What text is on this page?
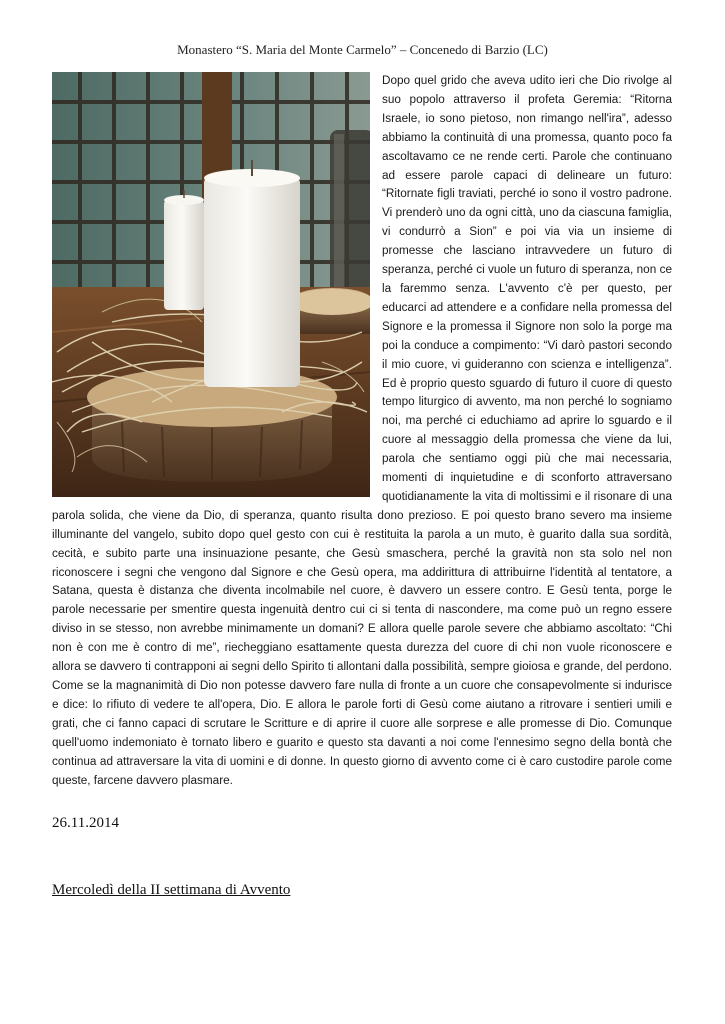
Monastero “S. Maria del Monte Carmelo” – Concenedo di Barzio (LC)

Dopo quel grido che aveva udito ieri che Dio rivolge al suo popolo attraverso il profeta Geremia: “Ritorna Israele, io sono pietoso, non rimango nell'ira”, adesso abbiamo la continuità di una promessa, quanto poco fa ascoltavamo ce ne rende certi. Parole che continuano ad essere parole capaci di delineare un futuro: “Ritornate figli traviati, perché io sono il vostro padrone. Vi prenderò uno da ogni città, uno da ciascuna famiglia, vi condurrò a Sion” e poi via via un insieme di promesse che lasciano intravvedere un futuro di speranza, perché ci vuole un futuro di speranza, non ce la faremmo senza. L'avvento c'è per questo, per educarci ad attendere e a confidare nella promessa del Signore e la promessa il Signore non solo la porge ma poi la conduce a compimento: “Vi darò pastori secondo il mio cuore, vi guideranno con scienza e intelligenza”. Ed è proprio questo sguardo di futuro il cuore di questo tempo liturgico di avvento, ma non perché lo sogniamo noi, ma perché ci educhiamo ad aprire lo sguardo e il cuore al messaggio della promessa che viene da lui, parola che sentiamo oggi più che mai necessaria, momenti di inquietudine e di sconforto attraversano quotidianamente la vita di moltissimi e il risonare di una parola solida, che viene da Dio, di speranza, quanto risulta dono prezioso. E poi questo brano severo ma insieme illuminante del vangelo, subito dopo quel gesto con cui è restituita la parola a un muto, è guarito dalla sua sordità, cecità, e subito parte una insinuazione pesante, che Gesù smaschera, perché la gravità non sta solo nel non riconoscere i segni che vengono dal Signore e che Gesù opera, ma addirittura di attribuirne l'identità al tentatore, a Satana, questa è distanza che diventa incolmabile nel cuore, è davvero un essere contro. E Gesù tenta, porge le parole necessarie per smentire questa ingenuità dentro cui ci si tenta di nascondere, ma come può un regno essere diviso in se stesso, non avrebbe minimamente un domani? E allora quelle parole severe che abbiamo ascoltato: “Chi non è con me è contro di me”, riecheggiano esattamente questa durezza del cuore di chi non vuole riconoscere e allora se davvero ti contrapponi ai segni dello Spirito ti allontani dalla possibilità, sempre gioiosa e grande, del perdono. Come se la magnanimità di Dio non potesse davvero fare nulla di fronte a un cuore che consapevolmente si indurisce e dice: Io rifiuto di vedere te all'opera, Dio. E allora le parole forti di Gesù come aiutano a ritrovare i sentieri umili e grati, che ci fanno capaci di scrutare le Scritture e di aprire il cuore alle sorprese e alle promesse di Dio. Comunque quell'uomo indemoniato è tornato libero e guarito e questo sta davanti a noi come l'ennesimo segno della bontà che continua ad attraversare la vita di uomini e di donne. In questo giorno di avvento come ci è caro custodire parole come queste, farcene davvero plasmare.

26.11.2014
Mercoledì della II settimana di Avvento
